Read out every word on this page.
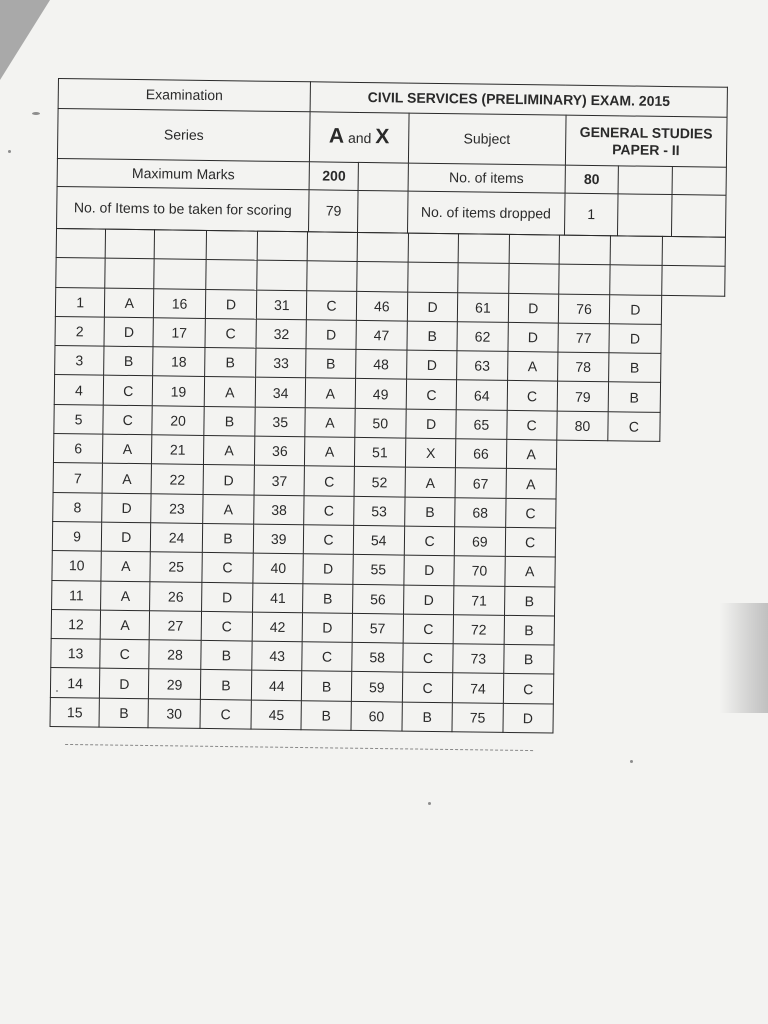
Examination	CIVIL SERVICES (PRELIMINARY) EXAM. 2015					
Series	A and X		Subject	GENERAL STUDIES PAPER - II		
Maximum Marks	200		No. of items	80		
No. of Items to be taken for scoring	79		No. of items dropped	1		

1	A	16	D	31	C	46	D	61	D	76	D	
2	D	17	C	32	D	47	B	62	D	77	D	
3	B	18	B	33	B	48	D	63	A	78	B	
4	C	19	A	34	A	49	C	64	C	79	B	
5	C	20	B	35	A	50	D	65	C	80	C	
6	A	21	A	36	A	51	X	66	A			
7	A	22	D	37	C	52	A	67	A			
8	D	23	A	38	C	53	B	68	C			
9	D	24	B	39	C	54	C	69	C			
10	A	25	C	40	D	55	D	70	A			
11	A	26	D	41	B	56	D	71	B			
12	A	27	C	42	D	57	C	72	B			
13	C	28	B	43	C	58	C	73	B			
14	D	29	B	44	B	59	C	74	C			
15	B	30	C	45	B	60	B	75	D			
